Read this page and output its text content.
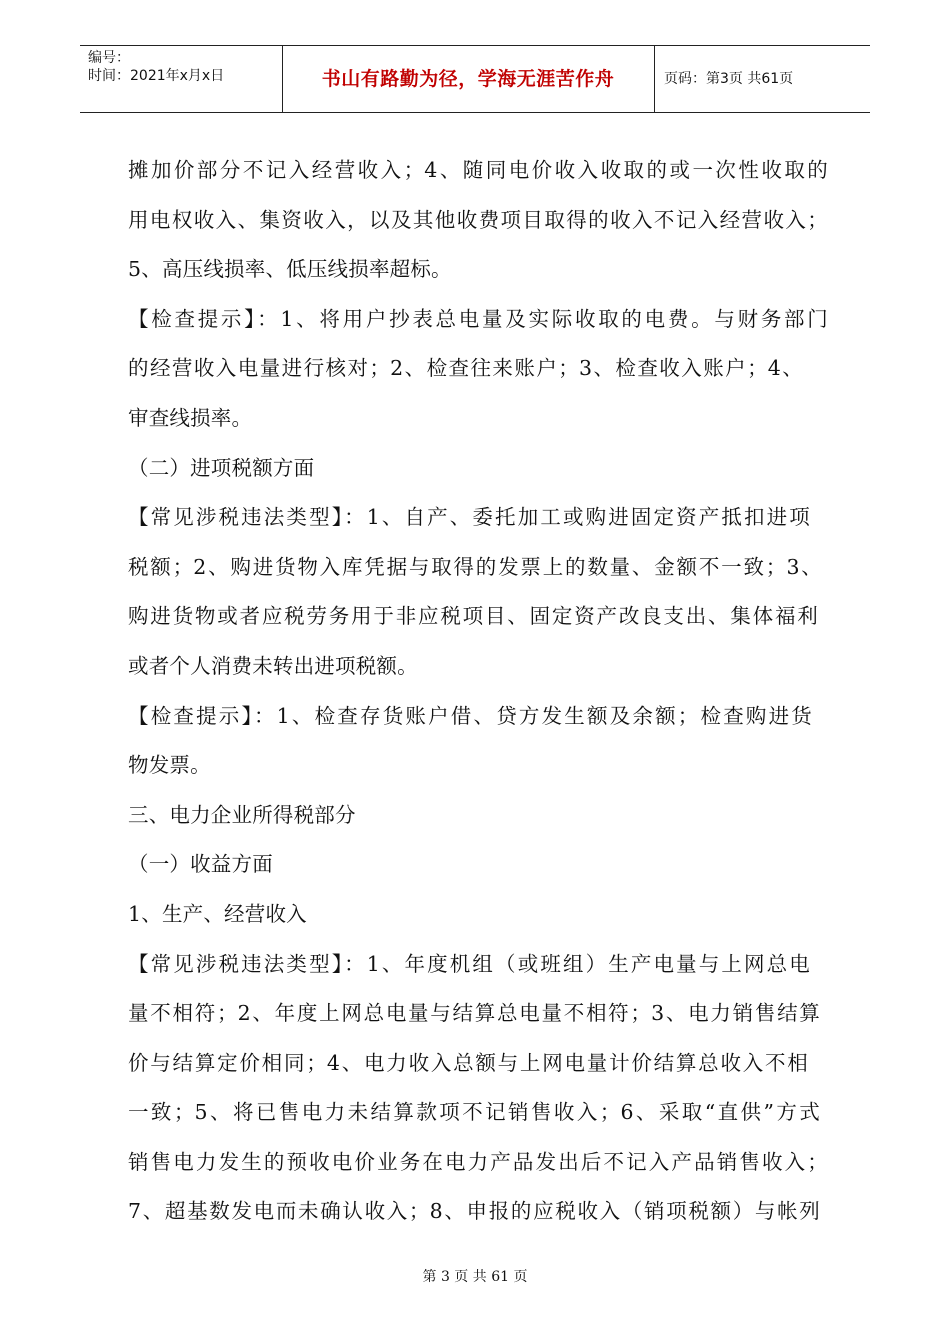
编号：
时间：2021年x月x日	书山有路勤为径，学海无涯苦作舟	页码：第3页 共61页
摊加价部分不记入经营收入；4、随同电价收入收取的或一次性收取的
用电权收入、集资收入，以及其他收费项目取得的收入不记入经营收入；
5、高压线损率、低压线损率超标。
【检查提示】：1、将用户抄表总电量及实际收取的电费。与财务部门
的经营收入电量进行核对；2、检查往来账户；3、检查收入账户；4、
审查线损率。
（二）进项税额方面
【常见涉税违法类型】：1、自产、委托加工或购进固定资产抵扣进项
税额；2、购进货物入库凭据与取得的发票上的数量、金额不一致；3、
购进货物或者应税劳务用于非应税项目、固定资产改良支出、集体福利
或者个人消费未转出进项税额。
【检查提示】：1、检查存货账户借、贷方发生额及余额；检查购进货
物发票。
三、电力企业所得税部分
（一）收益方面
1、生产、经营收入
【常见涉税违法类型】：1、年度机组（或班组）生产电量与上网总电
量不相符；2、年度上网总电量与结算总电量不相符；3、电力销售结算
价与结算定价相同；4、电力收入总额与上网电量计价结算总收入不相
一致；5、将已售电力未结算款项不记销售收入；6、采取“直供”方式
销售电力发生的预收电价业务在电力产品发出后不记入产品销售收入；
7、超基数发电而未确认收入；8、申报的应税收入（销项税额）与帐列
第 3 页 共 61 页
